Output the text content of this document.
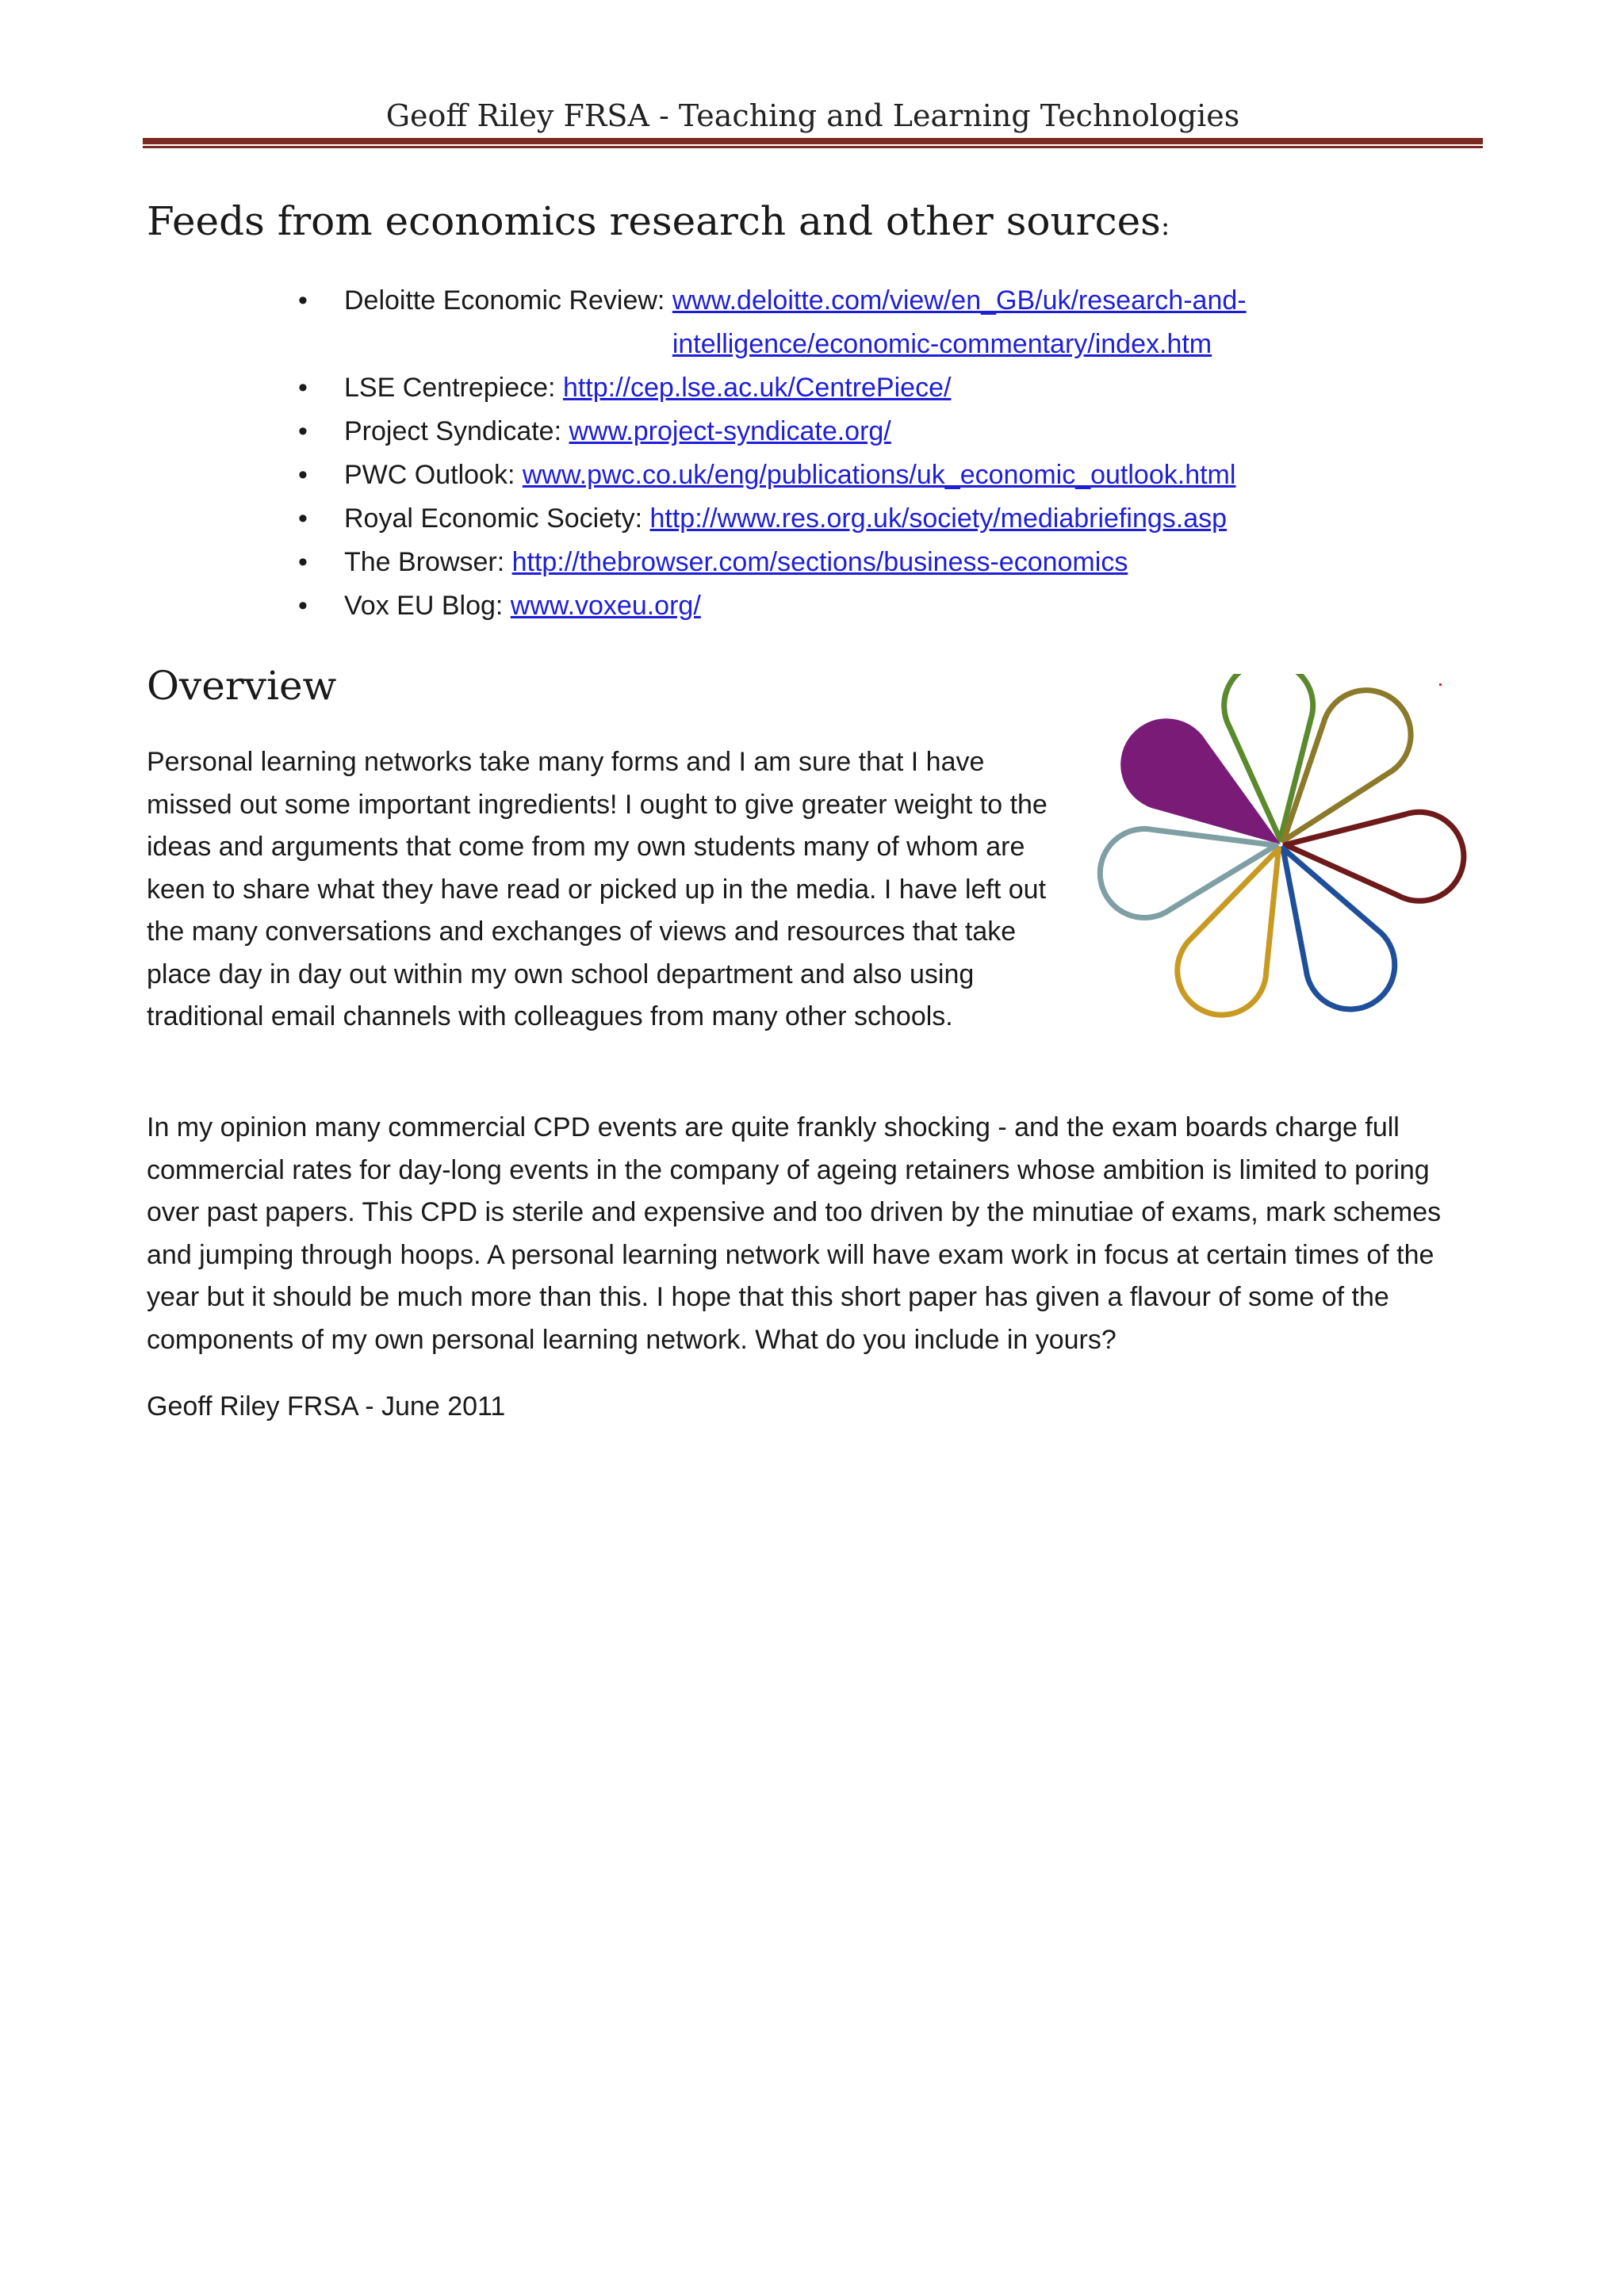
Geoff Riley FRSA - Teaching and Learning Technologies
Feeds from economics research and other sources:
• Deloitte Economic Review: www.deloitte.com/view/en_GB/uk/research-and-intelligence/economic-commentary/index.htm
• LSE Centrepiece: http://cep.lse.ac.uk/CentrePiece/
• Project Syndicate: www.project-syndicate.org/
• PWC Outlook: www.pwc.co.uk/eng/publications/uk_economic_outlook.html
• Royal Economic Society: http://www.res.org.uk/society/mediabriefings.asp
• The Browser: http://thebrowser.com/sections/business-economics
• Vox EU Blog: www.voxeu.org/
Overview

Personal learning networks take many forms and I am sure that I have missed out some important ingredients! I ought to give greater weight to the ideas and arguments that come from my own students many of whom are keen to share what they have read or picked up in the media. I have left out the many conversations and exchanges of views and resources that take place day in day out within my own school department and also using traditional email channels with colleagues from many other schools.

In my opinion many commercial CPD events are quite frankly shocking - and the exam boards charge full commercial rates for day-long events in the company of ageing retainers whose ambition is limited to poring over past papers. This CPD is sterile and expensive and too driven by the minutiae of exams, mark schemes and jumping through hoops. A personal learning network will have exam work in focus at certain times of the year but it should be much more than this. I hope that this short paper has given a flavour of some of the components of my own personal learning network. What do you include in yours?

Geoff Riley FRSA - June 2011
